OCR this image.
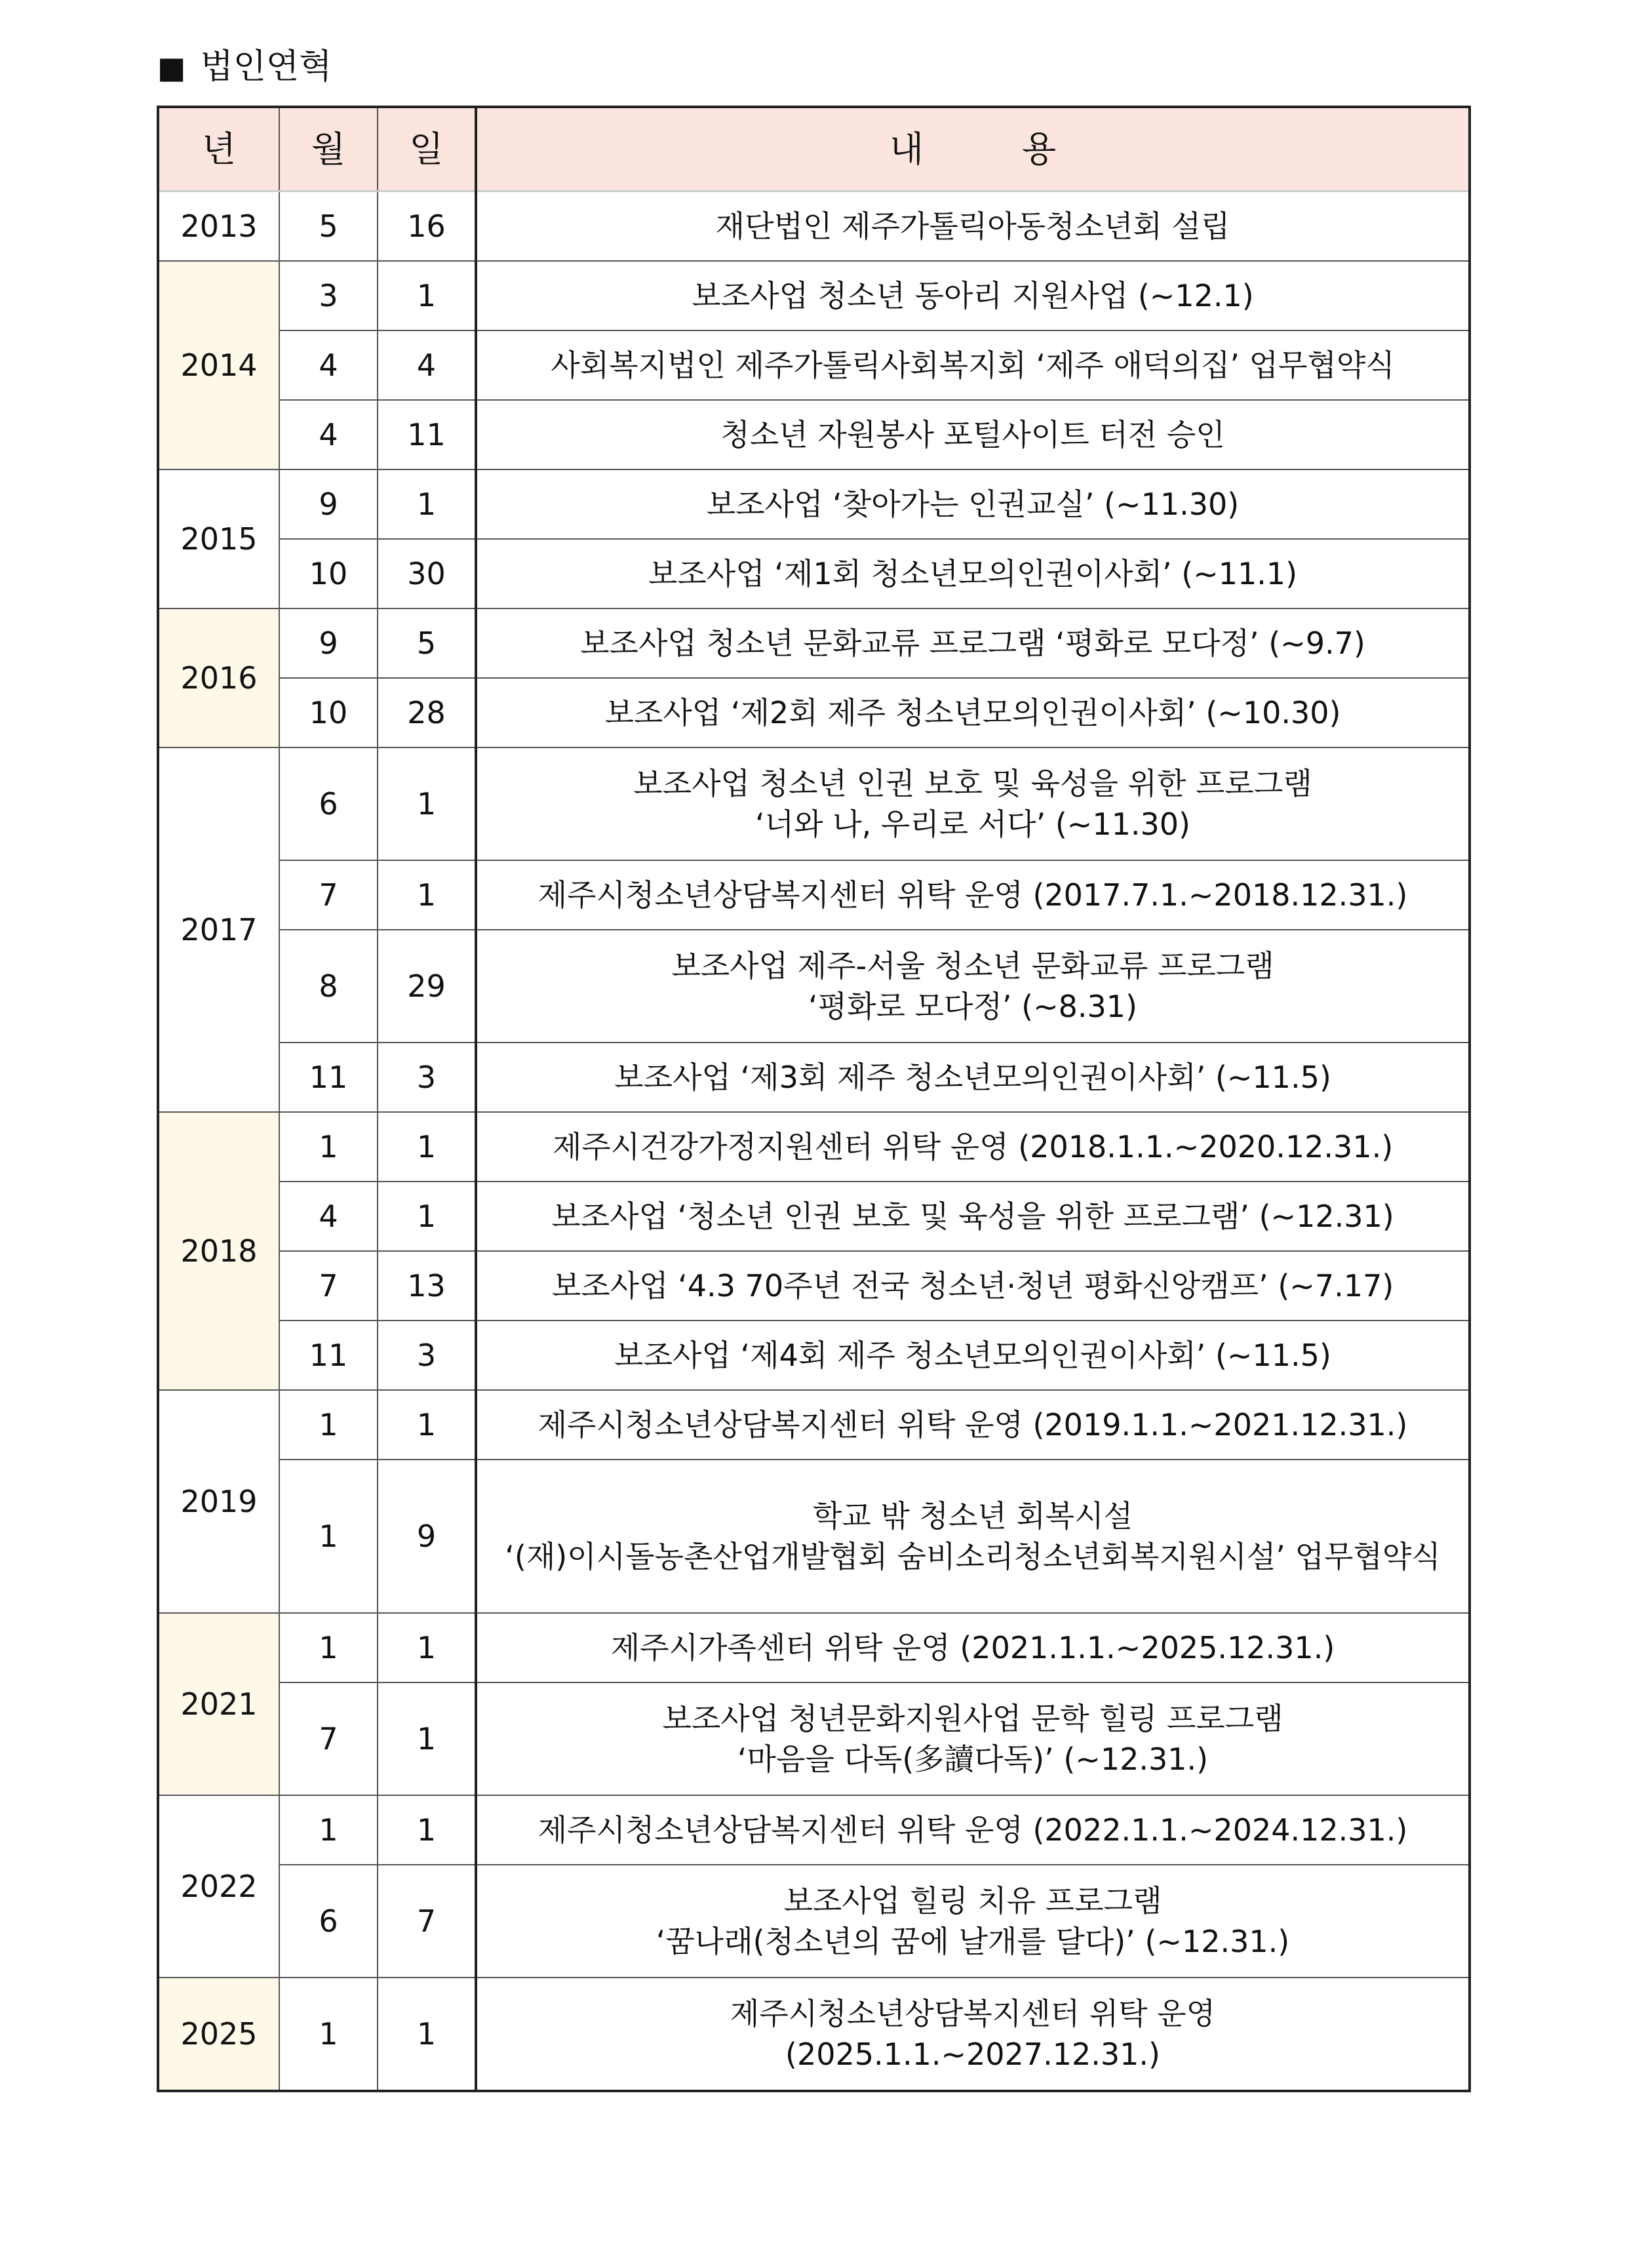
■ 법인연혁
년	월	일	내 용
2013	5	16	재단법인 제주가톨릭아동청소년회 설립

2014	3	1	보조사업 청소년 동아리 지원사업 (~12.1)

	4	4	사회복지법인 제주가톨릭사회복지회 ‘제주 애덕의집’ 업무협약식

	4	11	청소년 자원봉사 포털사이트 터전 승인

2015	9	1	보조사업 ‘찾아가는 인권교실’ (~11.30)

	10	30	보조사업 ‘제1회 청소년모의인권이사회’ (~11.1)

2016	9	5	보조사업 청소년 문화교류 프로그램 ‘평화로 모다정’ (~9.7)

	10	28	보조사업 ‘제2회 제주 청소년모의인권이사회’ (~10.30)

2017	6	1	보조사업 청소년 인권 보호 및 육성을 위한 프로그램
‘너와 나, 우리로 서다’ (~11.30)

	7	1	제주시청소년상담복지센터 위탁 운영 (2017.7.1.~2018.12.31.)

	8	29	보조사업 제주-서울 청소년 문화교류 프로그램
‘평화로 모다정’ (~8.31)

	11	3	보조사업 ‘제3회 제주 청소년모의인권이사회’ (~11.5)

2018	1	1	제주시건강가정지원센터 위탁 운영 (2018.1.1.~2020.12.31.)

	4	1	보조사업 ‘청소년 인권 보호 및 육성을 위한 프로그램’ (~12.31)

	7	13	보조사업 ‘4.3 70주년 전국 청소년·청년 평화신앙캠프’ (~7.17)

	11	3	보조사업 ‘제4회 제주 청소년모의인권이사회’ (~11.5)

2019	1	1	제주시청소년상담복지센터 위탁 운영 (2019.1.1.~2021.12.31.)

	1	9	학교 밖 청소년 회복시설
‘(재)이시돌농촌산업개발협회 숨비소리청소년회복지원시설’ 업무협약식

2021	1	1	제주시가족센터 위탁 운영 (2021.1.1.~2025.12.31.)

	7	1	보조사업 청년문화지원사업 문학 힐링 프로그램
‘마음을 다독(多讀다독)’ (~12.31.)

2022	1	1	제주시청소년상담복지센터 위탁 운영 (2022.1.1.~2024.12.31.)

	6	7	보조사업 힐링 치유 프로그램
‘꿈나래(청소년의 꿈에 날개를 달다)’ (~12.31.)

2025	1	1	제주시청소년상담복지센터 위탁 운영
(2025.1.1.~2027.12.31.)
